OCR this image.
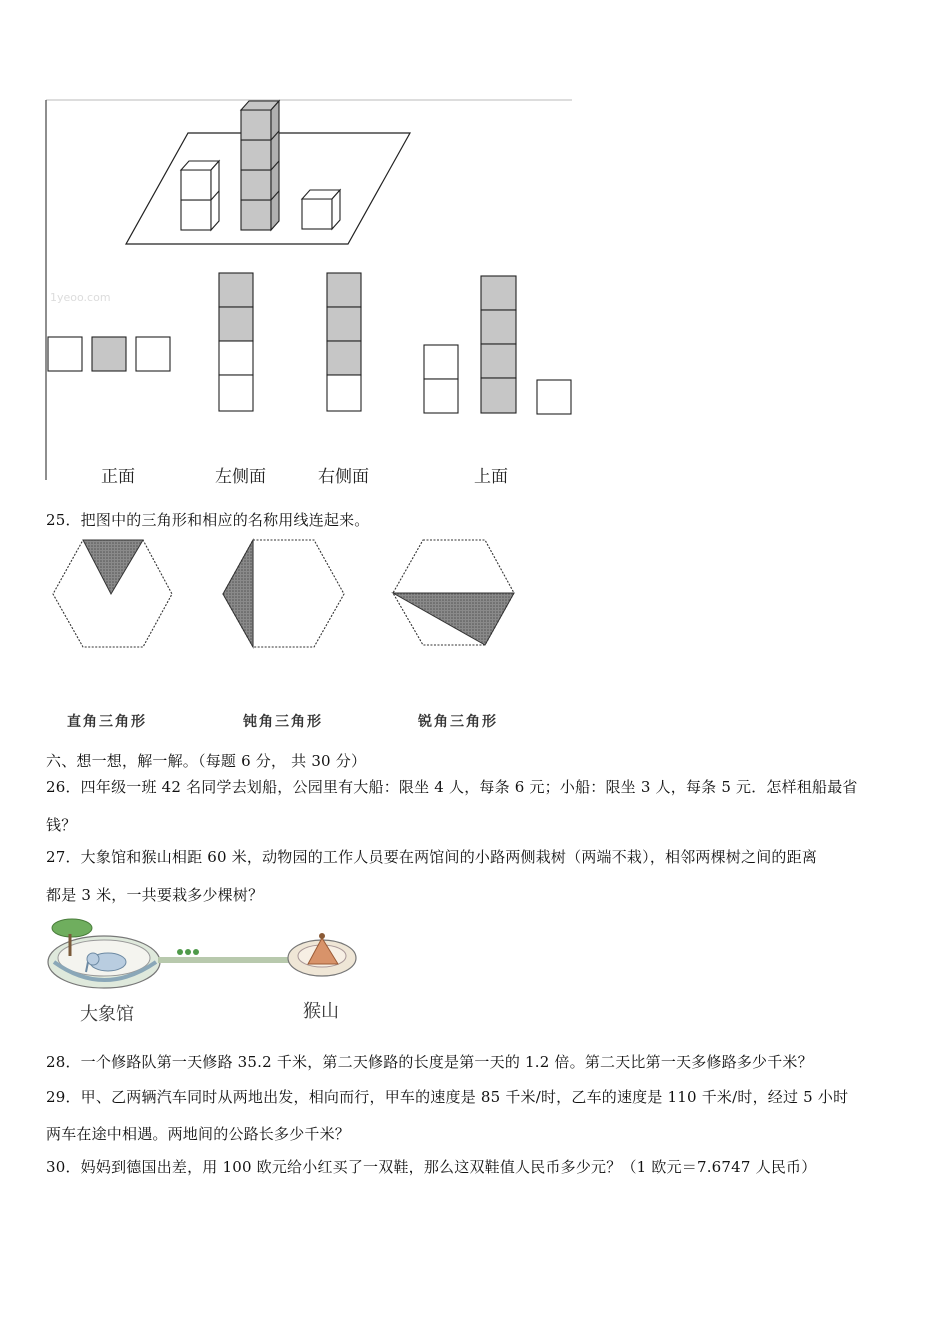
1yeoo.com
正面	左侧面	右侧面	上面
25．把图中的三角形和相应的名称用线连起来。
直角三角形	钝角三角形	锐角三角形
六、想一想，解一解。（每题 6 分， 共 30 分）
26．四年级一班 42 名同学去划船，公园里有大船：限坐 4 人，每条 6 元；小船：限坐 3 人，每条 5 元．怎样租船最省
钱？
27．大象馆和猴山相距 60 米，动物园的工作人员要在两馆间的小路两侧栽树（两端不栽），相邻两棵树之间的距离
都是 3 米，一共要栽多少棵树？
大象馆	猴山
28．一个修路队第一天修路 35.2 千米，第二天修路的长度是第一天的 1.2 倍。第二天比第一天多修路多少千米？
29．甲、乙两辆汽车同时从两地出发，相向而行，甲车的速度是 85 千米/时，乙车的速度是 110 千米/时，经过 5 小时
两车在途中相遇。两地间的公路长多少千米？
30．妈妈到德国出差，用 100 欧元给小红买了一双鞋，那么这双鞋值人民币多少元？（1 欧元＝7.6747 人民币）
